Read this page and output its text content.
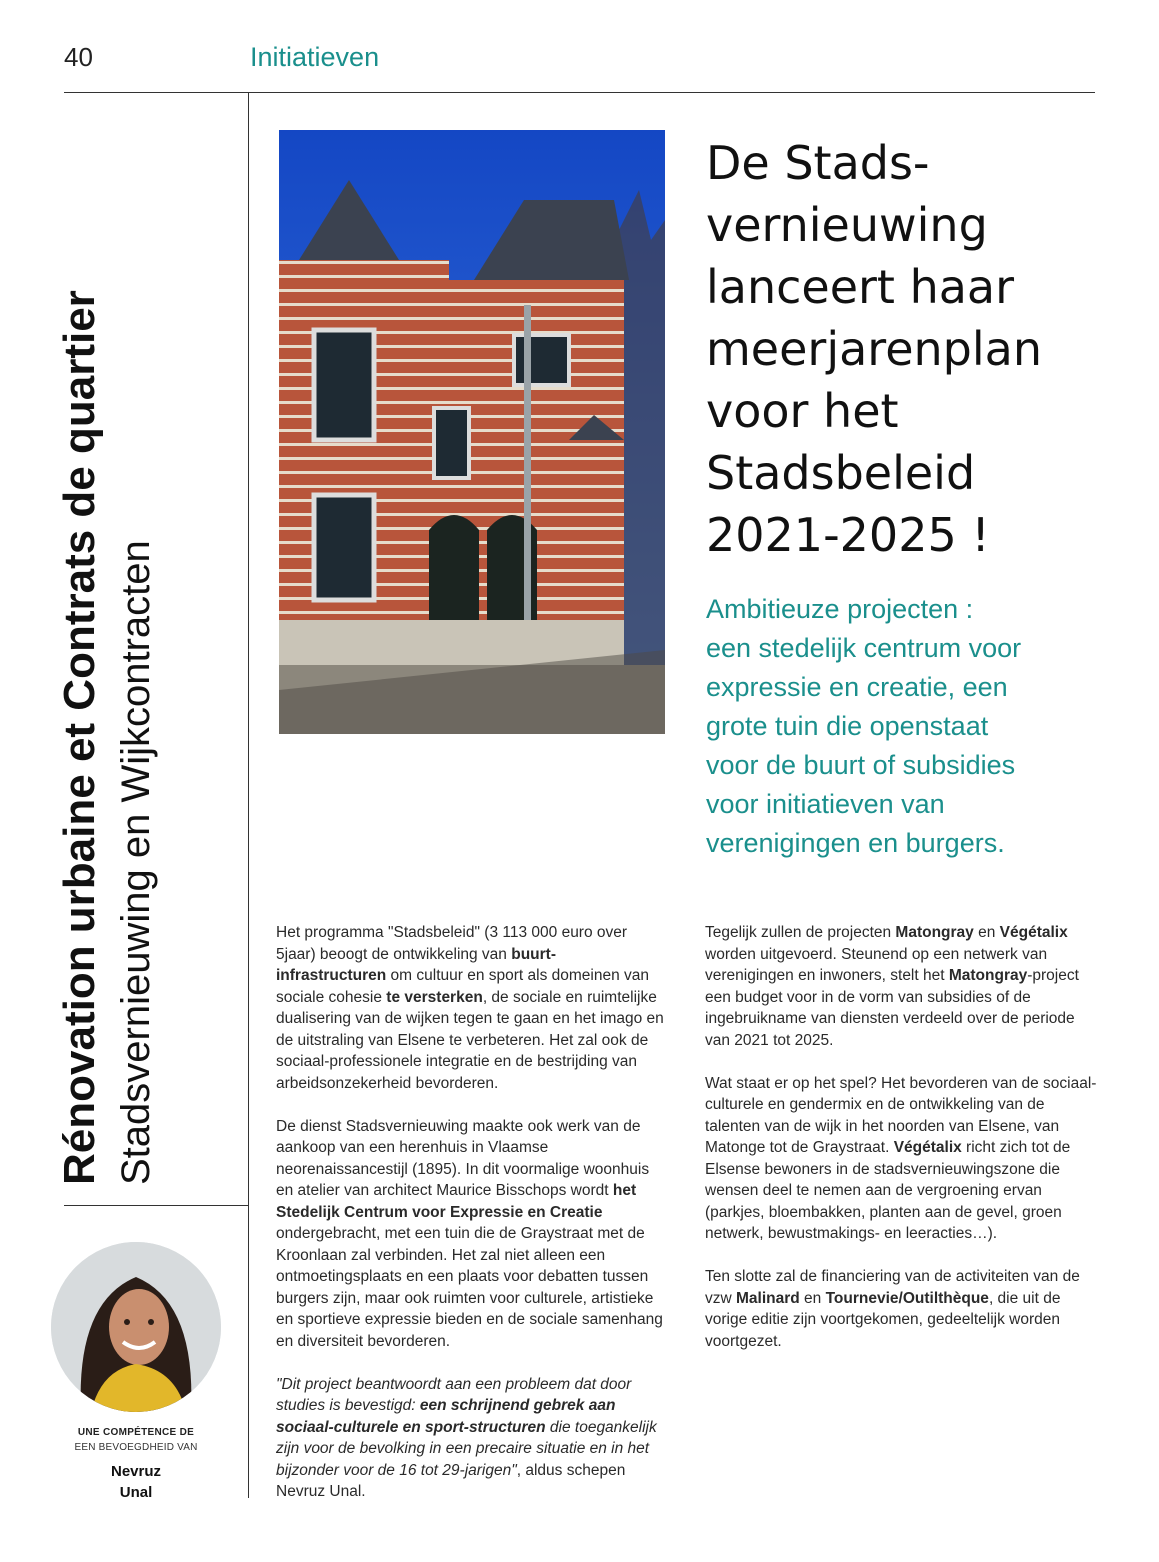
40	Initiatieven
Rénovation urbaine et Contrats de quartier Stadsvernieuwing en Wijkcontracten
De Stads-
vernieuwing
lanceert haar
meerjarenplan
voor het
Stadsbeleid
2021-2025 !
Ambitieuze projecten :
een stedelijk centrum voor
expressie en creatie, een
grote tuin die openstaat
voor de buurt of subsidies
voor initiatieven van
verenigingen en burgers.

Het programma "Stadsbeleid" (3 113 000 euro over 5jaar) beoogt de ontwikkeling van buurt-infrastructuren om cultuur en sport als domeinen van sociale cohesie te versterken, de sociale en ruimtelijke dualisering van de wijken tegen te gaan en het imago en de uitstraling van Elsene te verbeteren. Het zal ook de sociaal-professionele integratie en de bestrijding van arbeidsonzekerheid bevorderen.

De dienst Stadsvernieuwing maakte ook werk van de aankoop van een herenhuis in Vlaamse neorenaissancestijl (1895). In dit voormalige woonhuis en atelier van architect Maurice Bisschops wordt het Stedelijk Centrum voor Expressie en Creatie ondergebracht, met een tuin die de Graystraat met de Kroonlaan zal verbinden. Het zal niet alleen een ontmoetingsplaats en een plaats voor debatten tussen burgers zijn, maar ook ruimten voor culturele, artistieke en sportieve expressie bieden en de sociale samenhang en diversiteit bevorderen.

"Dit project beantwoordt aan een probleem dat door studies is bevestigd: een schrijnend gebrek aan sociaal-culturele en sport-structuren die toegankelijk zijn voor de bevolking in een precaire situatie en in het bijzonder voor de 16 tot 29-jarigen", aldus schepen Nevruz Unal.

Tegelijk zullen de projecten Matongray en Végétalix worden uitgevoerd. Steunend op een netwerk van verenigingen en inwoners, stelt het Matongray-project een budget voor in de vorm van subsidies of de ingebruikname van diensten verdeeld over de periode van 2021 tot 2025.

Wat staat er op het spel? Het bevorderen van de sociaal-culturele en gendermix en de ontwikkeling van de talenten van de wijk in het noorden van Elsene, van Matonge tot de Graystraat. Végétalix richt zich tot de Elsense bewoners in de stadsvernieuwingszone die wensen deel te nemen aan de vergroening ervan (parkjes, bloembakken, planten aan de gevel, groen netwerk, bewustmakings- en leeracties…).

Ten slotte zal de financiering van de activiteiten van de vzw Malinard en Tournevie/Outilthèque, die uit de vorige editie zijn voortgekomen, gedeeltelijk worden voortgezet.

UNE COMPÉTENCE DE
EEN BEVOEGDHEID VAN
Nevruz
Unal
